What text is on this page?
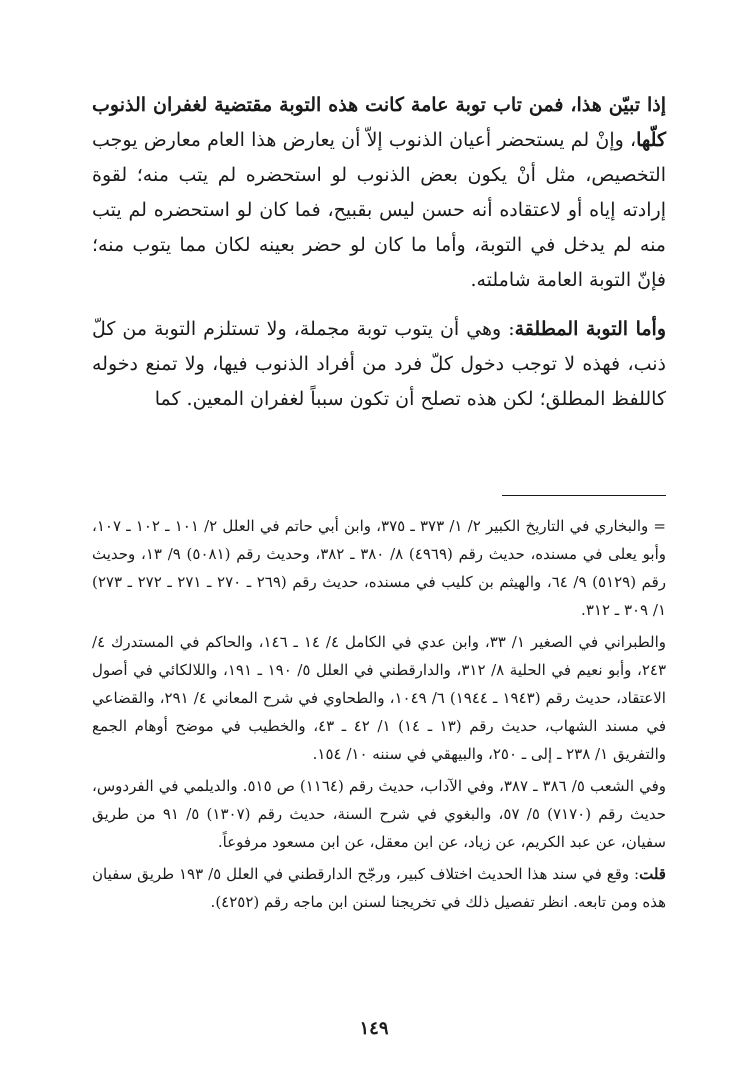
إذا تبيّن هذا، فمن تاب توبة عامة كانت هذه التوبة مقتضية لغفران الذنوب كلّها، وإنْ لم يستحضر أعيان الذنوب إلاّ أن يعارض هذا العام معارض يوجب التخصيص، مثل أنْ يكون بعض الذنوب لو استحضره لم يتب منه؛ لقوة إرادته إياه أو لاعتقاده أنه حسن ليس بقبيح، فما كان لو استحضره لم يتب منه لم يدخل في التوبة، وأما ما كان لو حضر بعينه لكان مما يتوب منه؛ فإنّ التوبة العامة شاملته.

وأما التوبة المطلقة: وهي أن يتوب توبة مجملة، ولا تستلزم التوبة من كلّ ذنب، فهذه لا توجب دخول كلّ فرد من أفراد الذنوب فيها، ولا تمنع دخوله كاللفظ المطلق؛ لكن هذه تصلح أن تكون سبباً لغفران المعين. كما

= والبخاري في التاريخ الكبير ٢/ ١/ ٣٧٣ ـ ٣٧٥، وابن أبي حاتم في العلل ٢/ ١٠١ ـ ١٠٢ ـ ١٠٧، وأبو يعلى في مسنده، حديث رقم (٤٩٦٩) ٨/ ٣٨٠ ـ ٣٨٢، وحديث رقم (٥٠٨١) ٩/ ١٣، وحديث رقم (٥١٢٩) ٩/ ٦٤، والهيثم بن كليب في مسنده، حديث رقم (٢٦٩ ـ ٢٧٠ ـ ٢٧١ ـ ٢٧٢ ـ ٢٧٣) ١/ ٣٠٩ ـ ٣١٢.

والطبراني في الصغير ١/ ٣٣، وابن عدي في الكامل ٤/ ١٤ ـ ١٤٦، والحاكم في المستدرك ٤/ ٢٤٣، وأبو نعيم في الحلية ٨/ ٣١٢، والدارقطني في العلل ٥/ ١٩٠ ـ ١٩١، واللالكائي في أصول الاعتقاد، حديث رقم (١٩٤٣ ـ ١٩٤٤) ٦/ ١٠٤٩، والطحاوي في شرح المعاني ٤/ ٢٩١، والقضاعي في مسند الشهاب، حديث رقم (١٣ ـ ١٤) ١/ ٤٢ ـ ٤٣، والخطيب في موضح أوهام الجمع والتفريق ١/ ٢٣٨ ـ إلى ـ ٢٥٠، والبيهقي في سننه ١٠/ ١٥٤.

وفي الشعب ٥/ ٣٨٦ ـ ٣٨٧، وفي الآداب، حديث رقم (١١٦٤) ص ٥١٥. والديلمي في الفردوس، حديث رقم (٧١٧٠) ٥/ ٥٧، والبغوي في شرح السنة، حديث رقم (١٣٠٧) ٥/ ٩١ من طريق سفيان، عن عبد الكريم، عن زياد، عن ابن معقل، عن ابن مسعود مرفوعاً.

قلت: وقع في سند هذا الحديث اختلاف كبير، ورجّح الدارقطني في العلل ٥/ ١٩٣ طريق سفيان هذه ومن تابعه. انظر تفصيل ذلك في تخريجنا لسنن ابن ماجه رقم (٤٢٥٢).

١٤٩
